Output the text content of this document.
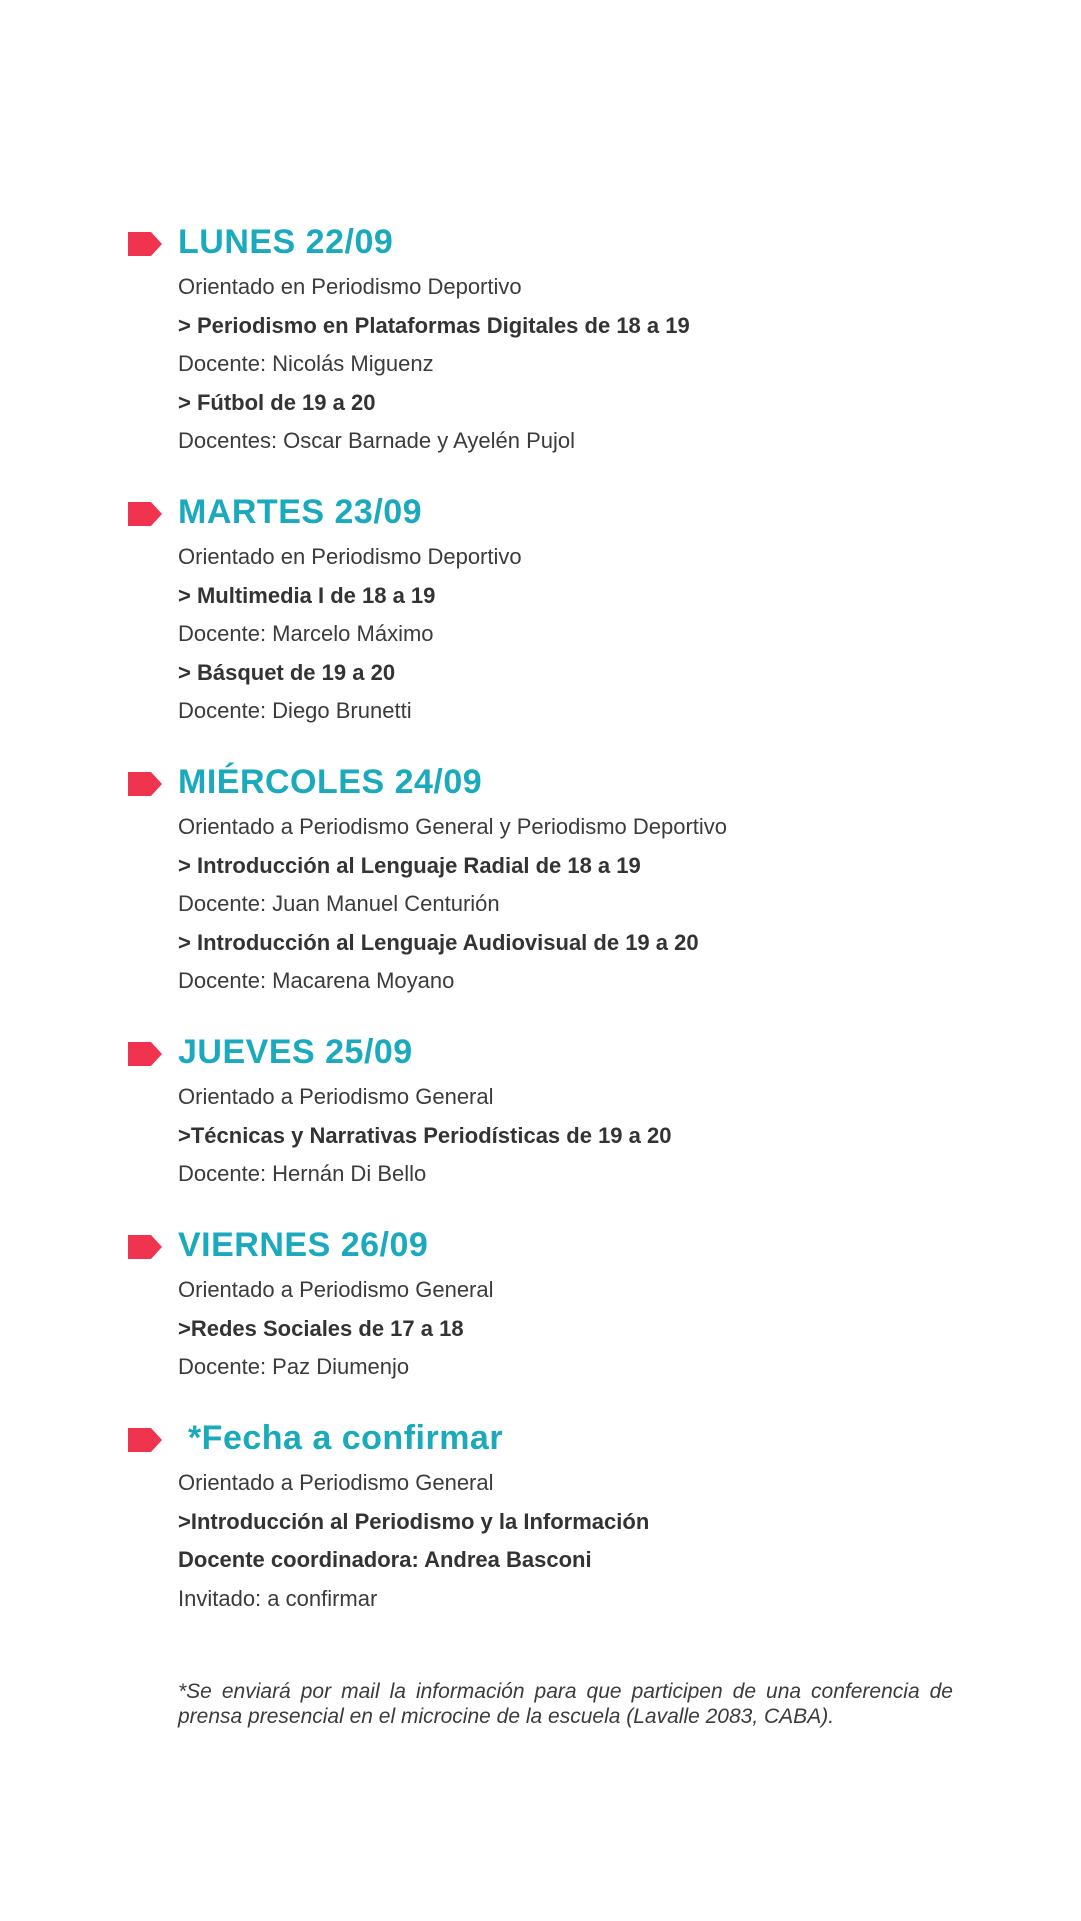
LUNES 22/09
Orientado en Periodismo Deportivo
> Periodismo en Plataformas Digitales de 18 a 19
Docente: Nicolás Miguenz
> Fútbol de 19 a 20
Docentes: Oscar Barnade y Ayelén Pujol
MARTES 23/09
Orientado en Periodismo Deportivo
> Multimedia I de 18 a 19
Docente: Marcelo Máximo
> Básquet de 19 a 20
Docente: Diego Brunetti
MIÉRCOLES 24/09
Orientado a Periodismo General y Periodismo Deportivo
> Introducción al Lenguaje Radial de 18 a 19
Docente: Juan Manuel Centurión
> Introducción al Lenguaje Audiovisual de 19 a 20
Docente: Macarena Moyano
JUEVES 25/09
Orientado a Periodismo General
>Técnicas y Narrativas Periodísticas de 19 a 20
Docente: Hernán Di Bello
VIERNES 26/09
Orientado a Periodismo General
>Redes Sociales de 17 a 18
Docente: Paz Diumenjo
*Fecha a confirmar
Orientado a Periodismo General
>Introducción al Periodismo y la Información
Docente coordinadora: Andrea Basconi
Invitado: a confirmar

*Se enviará por mail la información para que participen de una conferencia de prensa presencial en el microcine de la escuela (Lavalle 2083, CABA).
